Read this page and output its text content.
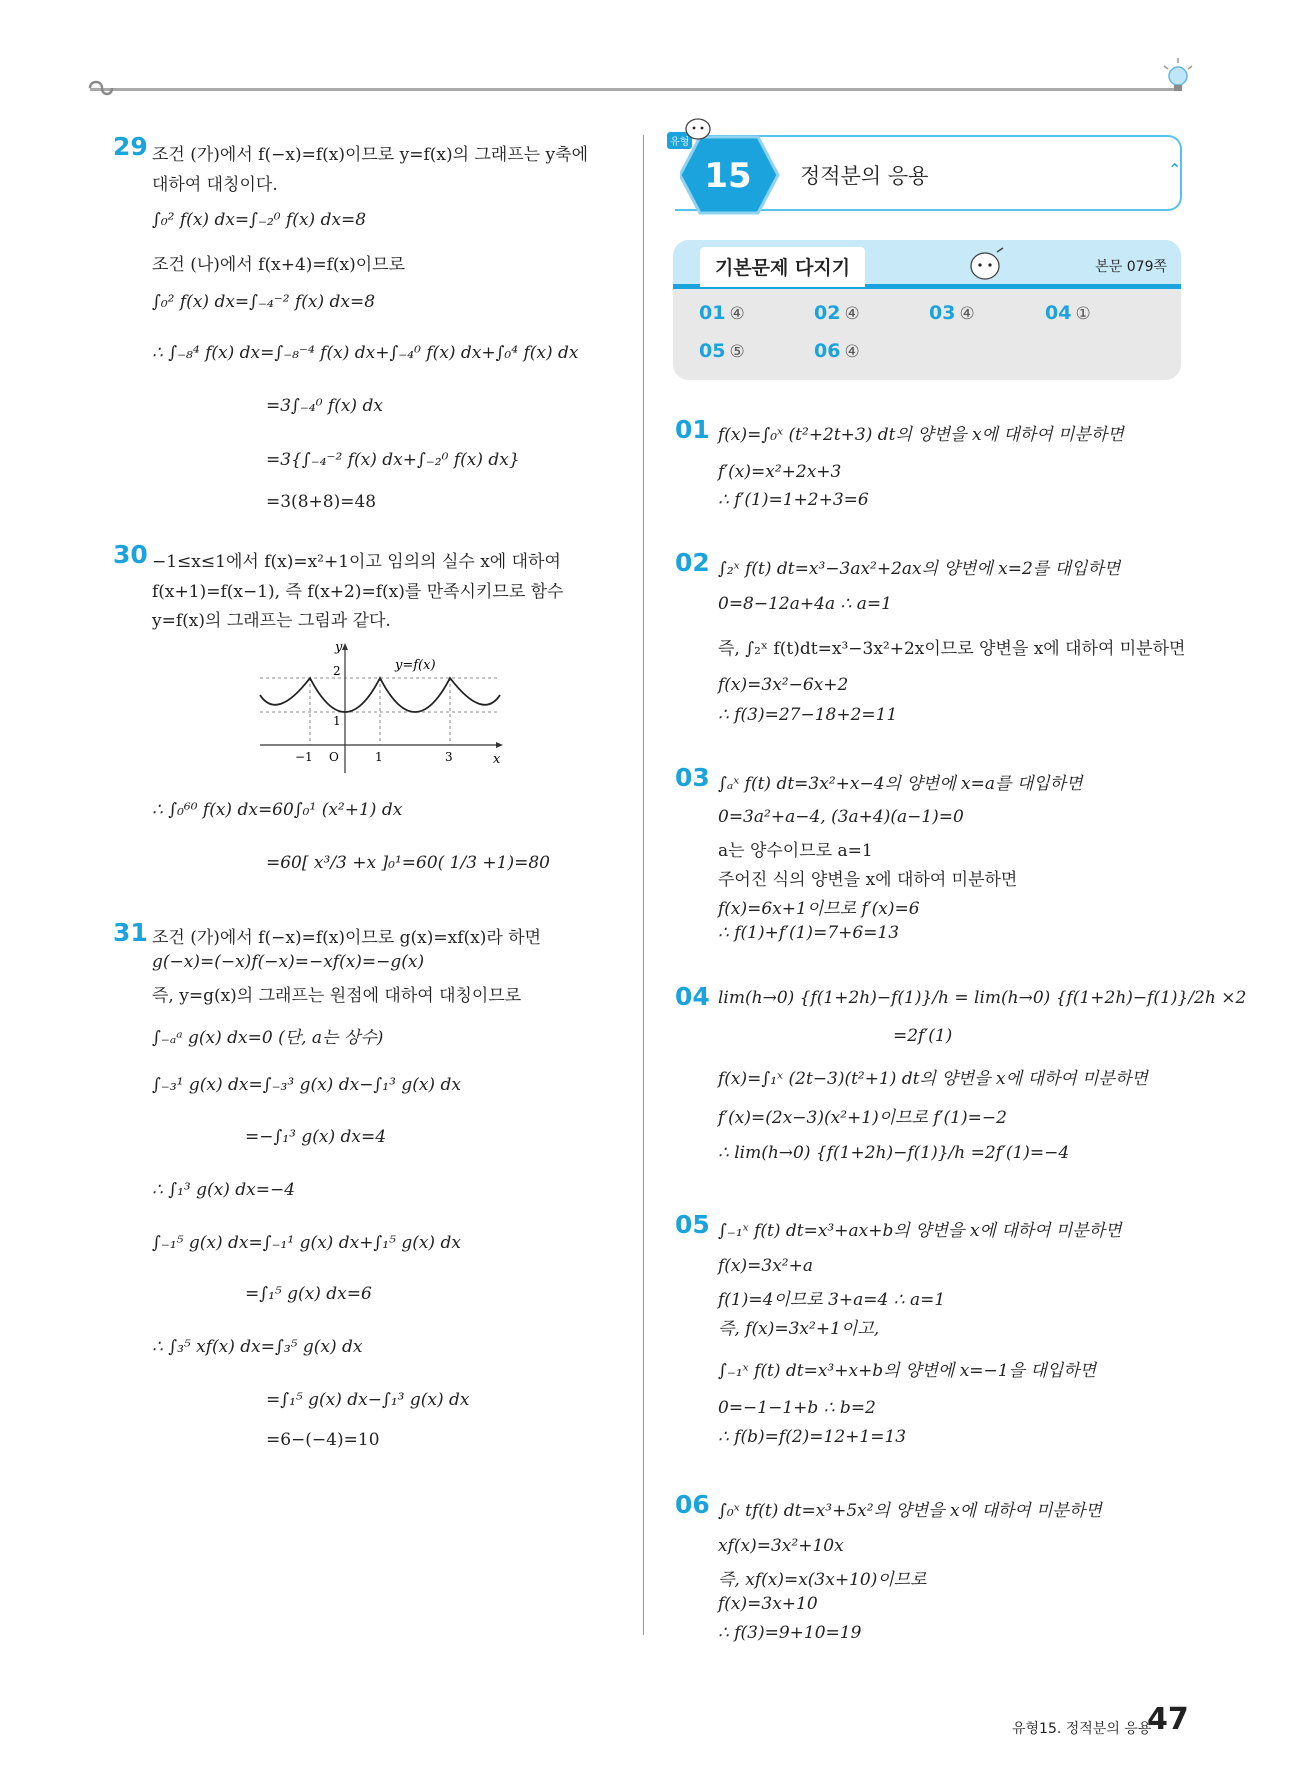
29 조건 (가)에서 f(−x)=f(x)이므로 y=f(x)의 그래프는 y축에
대하여 대칭이다.
∫₀² f(x) dx=∫₋₂⁰ f(x) dx=8
조건 (나)에서 f(x+4)=f(x)이므로
∫₀² f(x) dx=∫₋₄⁻² f(x) dx=8
∴ ∫₋₈⁴ f(x) dx=∫₋₈⁻⁴ f(x) dx+∫₋₄⁰ f(x) dx+∫₀⁴ f(x) dx
=3∫₋₄⁰ f(x) dx
=3{∫₋₄⁻² f(x) dx+∫₋₂⁰ f(x) dx}
=3(8+8)=48
30 −1≤x≤1에서 f(x)=x²+1이고 임의의 실수 x에 대하여
f(x+1)=f(x−1), 즉 f(x+2)=f(x)를 만족시키므로 함수
y=f(x)의 그래프는 그림과 같다.
y
x
y=f(x)
2
1
−1 O	1	3
∴ ∫₀⁶⁰ f(x) dx=60∫₀¹ (x²+1) dx
=60[ x³/3 +x ]₀¹=60( 1/3 +1)=80
31 조건 (가)에서 f(−x)=f(x)이므로 g(x)=xf(x)라 하면
g(−x)=(−x)f(−x)=−xf(x)=−g(x)
즉, y=g(x)의 그래프는 원점에 대하여 대칭이므로
∫₋ₐᵃ g(x) dx=0 (단, a는 상수)
∫₋₃¹ g(x) dx=∫₋₃³ g(x) dx−∫₁³ g(x) dx
=−∫₁³ g(x) dx=4
∴ ∫₁³ g(x) dx=−4
∫₋₁⁵ g(x) dx=∫₋₁¹ g(x) dx+∫₁⁵ g(x) dx
=∫₁⁵ g(x) dx=6
∴ ∫₃⁵ xf(x) dx=∫₃⁵ g(x) dx
=∫₁⁵ g(x) dx−∫₁³ g(x) dx
=6−(−4)=10
15
유형
정적분의 응용	⌃
기본문제 다지기	본문 079쪽
01 ④	02 ④	03 ④	04 ①
05 ⑤	06 ④
01 f(x)=∫₀ˣ (t²+2t+3) dt의 양변을 x에 대하여 미분하면
f′(x)=x²+2x+3
∴ f′(1)=1+2+3=6
02 ∫₂ˣ f(t) dt=x³−3ax²+2ax의 양변에 x=2를 대입하면
0=8−12a+4a ∴ a=1
즉, ∫₂ˣ f(t)dt=x³−3x²+2x이므로 양변을 x에 대하여 미분하면
f(x)=3x²−6x+2
∴ f(3)=27−18+2=11
03 ∫ₐˣ f(t) dt=3x²+x−4의 양변에 x=a를 대입하면
0=3a²+a−4, (3a+4)(a−1)=0
a는 양수이므로 a=1
주어진 식의 양변을 x에 대하여 미분하면
f(x)=6x+1이므로 f′(x)=6
∴ f(1)+f′(1)=7+6=13
04 lim(h→0) {f(1+2h)−f(1)}/h = lim(h→0) {f(1+2h)−f(1)}/2h ×2
=2f′(1)
f(x)=∫₁ˣ (2t−3)(t²+1) dt의 양변을 x에 대하여 미분하면
f′(x)=(2x−3)(x²+1)이므로 f′(1)=−2
∴ lim(h→0) {f(1+2h)−f(1)}/h =2f′(1)=−4
05 ∫₋₁ˣ f(t) dt=x³+ax+b의 양변을 x에 대하여 미분하면
f(x)=3x²+a
f(1)=4이므로 3+a=4 ∴ a=1
즉, f(x)=3x²+1이고,
∫₋₁ˣ f(t) dt=x³+x+b의 양변에 x=−1을 대입하면
0=−1−1+b ∴ b=2
∴ f(b)=f(2)=12+1=13
06 ∫₀ˣ tf(t) dt=x³+5x²의 양변을 x에 대하여 미분하면
xf(x)=3x²+10x
즉, xf(x)=x(3x+10)이므로
f(x)=3x+10
∴ f(3)=9+10=19
유형15. 정적분의 응용
47
